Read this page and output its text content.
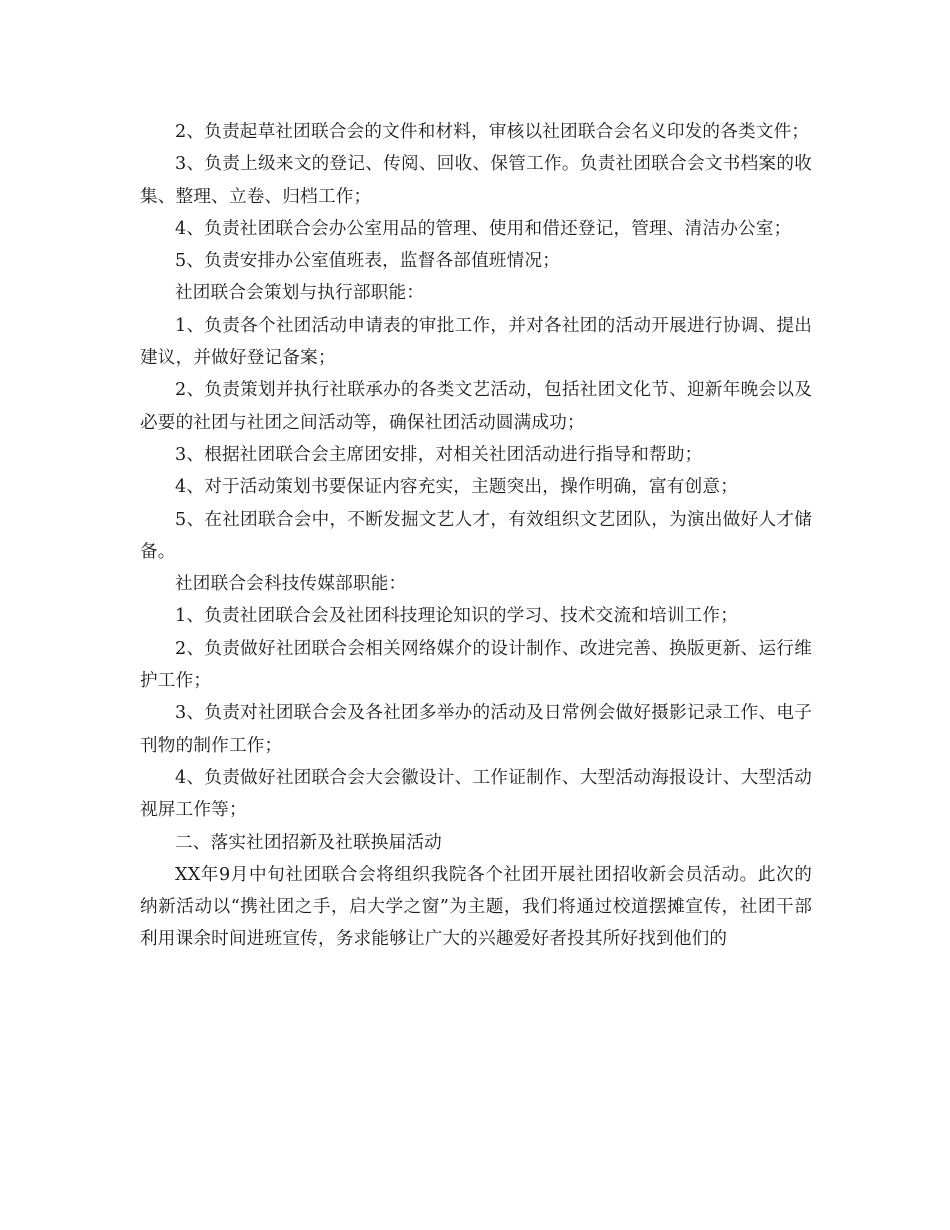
2、负责起草社团联合会的文件和材料，审核以社团联合会名义印发的各类文件；

3、负责上级来文的登记、传阅、回收、保管工作。负责社团联合会文书档案的收集、整理、立卷、归档工作；

4、负责社团联合会办公室用品的管理、使用和借还登记，管理、清洁办公室；

5、负责安排办公室值班表，监督各部值班情况；

社团联合会策划与执行部职能：

1、负责各个社团活动申请表的审批工作，并对各社团的活动开展进行协调、提出建议，并做好登记备案；

2、负责策划并执行社联承办的各类文艺活动，包括社团文化节、迎新年晚会以及必要的社团与社团之间活动等，确保社团活动圆满成功；

3、根据社团联合会主席团安排，对相关社团活动进行指导和帮助；

4、对于活动策划书要保证内容充实，主题突出，操作明确，富有创意；

5、在社团联合会中，不断发掘文艺人才，有效组织文艺团队，为演出做好人才储备。

社团联合会科技传媒部职能：

1、负责社团联合会及社团科技理论知识的学习、技术交流和培训工作；

2、负责做好社团联合会相关网络媒介的设计制作、改进完善、换版更新、运行维护工作；

3、负责对社团联合会及各社团多举办的活动及日常例会做好摄影记录工作、电子刊物的制作工作；

4、负责做好社团联合会大会徽设计、工作证制作、大型活动海报设计、大型活动视屏工作等；

二、落实社团招新及社联换届活动

XX年9月中旬社团联合会将组织我院各个社团开展社团招收新会员活动。此次的纳新活动以“携社团之手，启大学之窗”为主题，我们将通过校道摆摊宣传，社团干部利用课余时间进班宣传，务求能够让广大的兴趣爱好者投其所好找到他们的
